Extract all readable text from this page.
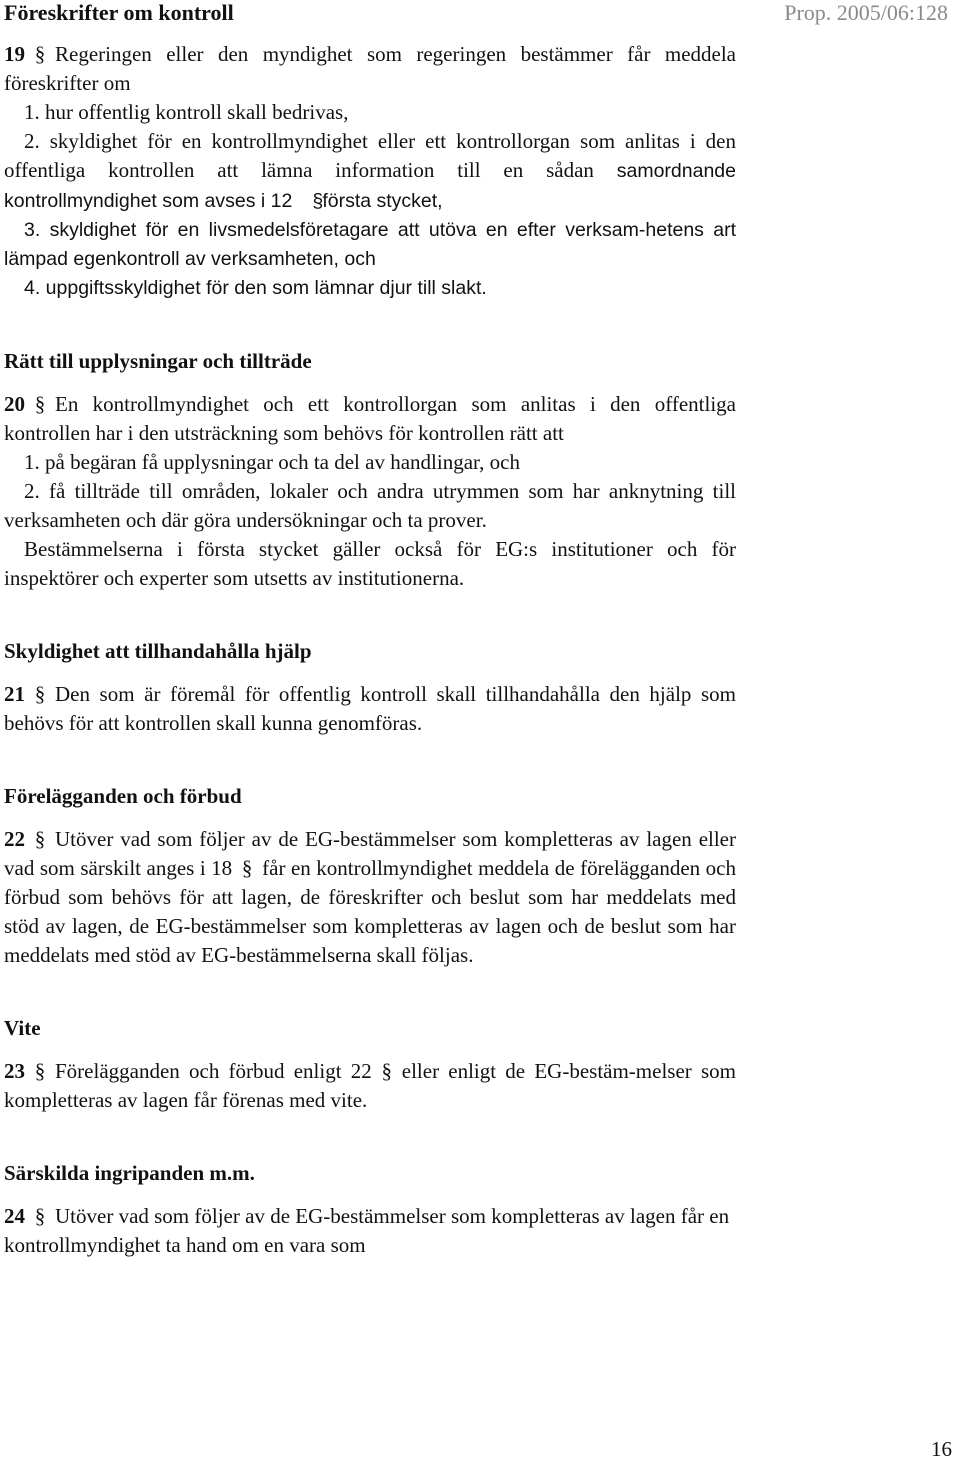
Föreskrifter om kontroll	Prop. 2005/06:128

19 § Regeringen eller den myndighet som regeringen bestämmer får meddela föreskrifter om

1. hur offentlig kontroll skall bedrivas,

2. skyldighet för en kontrollmyndighet eller ett kontrollorgan som anlitas i den offentliga kontrollen att lämna information till en sådan samordnande kontrollmyndighet som avses i 12 §första stycket,

3. skyldighet för en livsmedelsföretagare att utöva en efter verksam-hetens art lämpad egenkontroll av verksamheten, och

4. uppgiftsskyldighet för den som lämnar djur till slakt.

Rätt till upplysningar och tillträde

20 § En kontrollmyndighet och ett kontrollorgan som anlitas i den offentliga kontrollen har i den utsträckning som behövs för kontrollen rätt att

1. på begäran få upplysningar och ta del av handlingar, och

2. få tillträde till områden, lokaler och andra utrymmen som har anknytning till verksamheten och där göra undersökningar och ta prover.

Bestämmelserna i första stycket gäller också för EG:s institutioner och för inspektörer och experter som utsetts av institutionerna.

Skyldighet att tillhandahålla hjälp

21 § Den som är föremål för offentlig kontroll skall tillhandahålla den hjälp som behövs för att kontrollen skall kunna genomföras.

Förelägganden och förbud

22 § Utöver vad som följer av de EG-bestämmelser som kompletteras av lagen eller vad som särskilt anges i 18 § får en kontrollmyndighet meddela de förelägganden och förbud som behövs för att lagen, de föreskrifter och beslut som har meddelats med stöd av lagen, de EG-bestämmelser som kompletteras av lagen och de beslut som har meddelats med stöd av EG-bestämmelserna skall följas.

Vite

23 § Förelägganden och förbud enligt 22 § eller enligt de EG-bestäm-melser som kompletteras av lagen får förenas med vite.

Särskilda ingripanden m.m.

24 § Utöver vad som följer av de EG-bestämmelser som kompletteras av lagen får en kontrollmyndighet ta hand om en vara som

16
